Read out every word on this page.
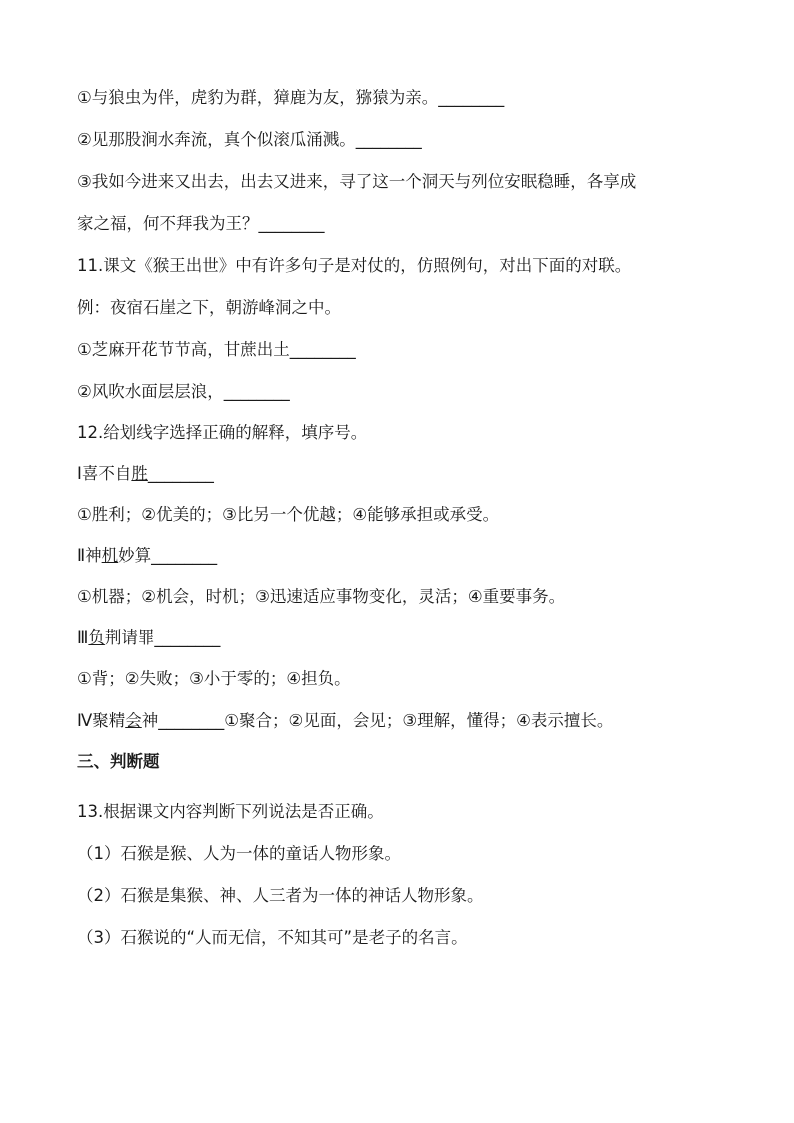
①与狼虫为伴，虎豹为群，獐鹿为友，猕猿为亲。________
②见那股涧水奔流，真个似滚瓜涌溅。________
③我如今进来又出去，出去又进来，寻了这一个洞天与列位安眠稳睡，各享成
家之福，何不拜我为王？________
11.课文《猴王出世》中有许多句子是对仗的，仿照例句，对出下面的对联。
例：夜宿石崖之下，朝游峰洞之中。
①芝麻开花节节高，甘蔗出土________
②风吹水面层层浪，________
12.给划线字选择正确的解释，填序号。
Ⅰ喜不自胜________
①胜利；②优美的；③比另一个优越；④能够承担或承受。
Ⅱ神机妙算________
①机器；②机会，时机；③迅速适应事物变化，灵活；④重要事务。
Ⅲ负荆请罪________
①背；②失败；③小于零的；④担负。
Ⅳ聚精会神________①聚合；②见面，会见；③理解，懂得；④表示擅长。
三、判断题
13.根据课文内容判断下列说法是否正确。
（1）石猴是猴、人为一体的童话人物形象。
（2）石猴是集猴、神、人三者为一体的神话人物形象。
（3）石猴说的“人而无信，不知其可”是老子的名言。
